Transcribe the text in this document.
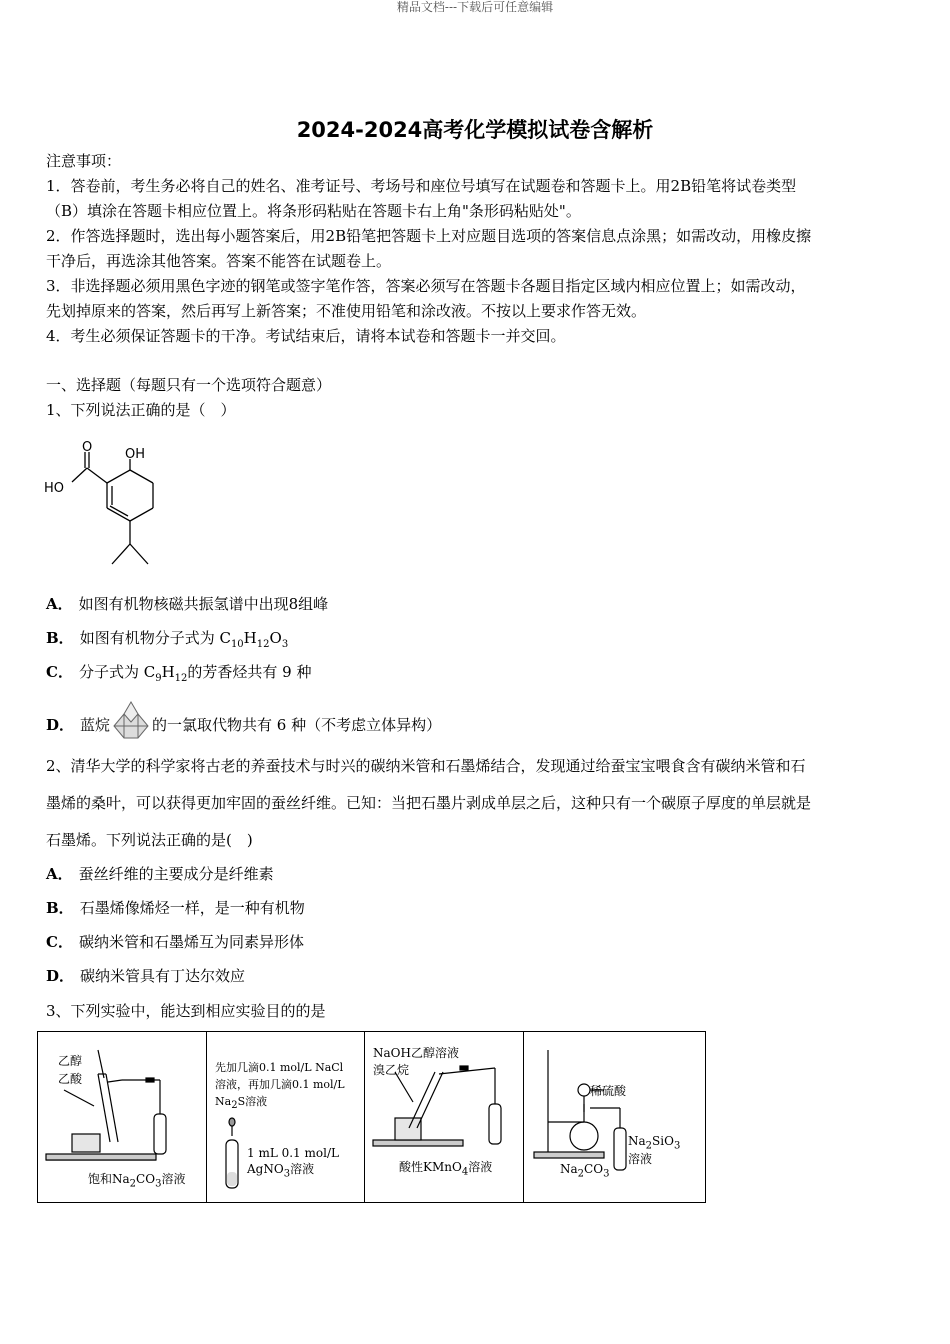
精品文档---下载后可任意编辑
2024-2024高考化学模拟试卷含解析
注意事项：
1．答卷前，考生务必将自己的姓名、准考证号、考场号和座位号填写在试题卷和答题卡上。用2B铅笔将试卷类型
（B）填涂在答题卡相应位置上。将条形码粘贴在答题卡右上角"条形码粘贴处"。
2．作答选择题时，选出每小题答案后，用2B铅笔把答题卡上对应题目选项的答案信息点涂黑；如需改动，用橡皮擦
干净后，再选涂其他答案。答案不能答在试题卷上。
3．非选择题必须用黑色字迹的钢笔或签字笔作答，答案必须写在答题卡各题目指定区域内相应位置上；如需改动，
先划掉原来的答案，然后再写上新答案；不准使用铅笔和涂改液。不按以上要求作答无效。
4．考生必须保证答题卡的干净。考试结束后，请将本试卷和答题卡一并交回。
一、选择题（每题只有一个选项符合题意）
1、下列说法正确的是（　）
O	OH
HO
A． 如图有机物核磁共振氢谱中出现8组峰
B． 如图有机物分子式为 $C_{10}H_{12}O_3$
C． 分子式为 $C_9H_{12}$的芳香烃共有 9 种
D． 蓝烷	的一氯取代物共有 6 种（不考虑立体异构）
2、清华大学的科学家将古老的养蚕技术与时兴的碳纳米管和石墨烯结合，发现通过给蚕宝宝喂食含有碳纳米管和石
墨烯的桑叶，可以获得更加牢固的蚕丝纤维。已知：当把石墨片剥成单层之后，这种只有一个碳原子厚度的单层就是
石墨烯。下列说法正确的是(　)
A． 蚕丝纤维的主要成分是纤维素
B． 石墨烯像烯烃一样，是一种有机物
C． 碳纳米管和石墨烯互为同素异形体
D． 碳纳米管具有丁达尔效应
3、下列实验中，能达到相应实验目的的是
乙醇
乙酸
饱和$Na_2CO_3$溶液
先加几滴0.1 mol/L NaCl
溶液，再加几滴0.1 mol/L
$Na_2S$溶液
1 mL 0.1 mol/L
AgNO$_3$溶液
NaOH乙醇溶液
溴乙烷
酸性KMnO$_4$溶液
稀硫酸
$Na_2SiO_3$
溶液
$Na_2CO_3$
